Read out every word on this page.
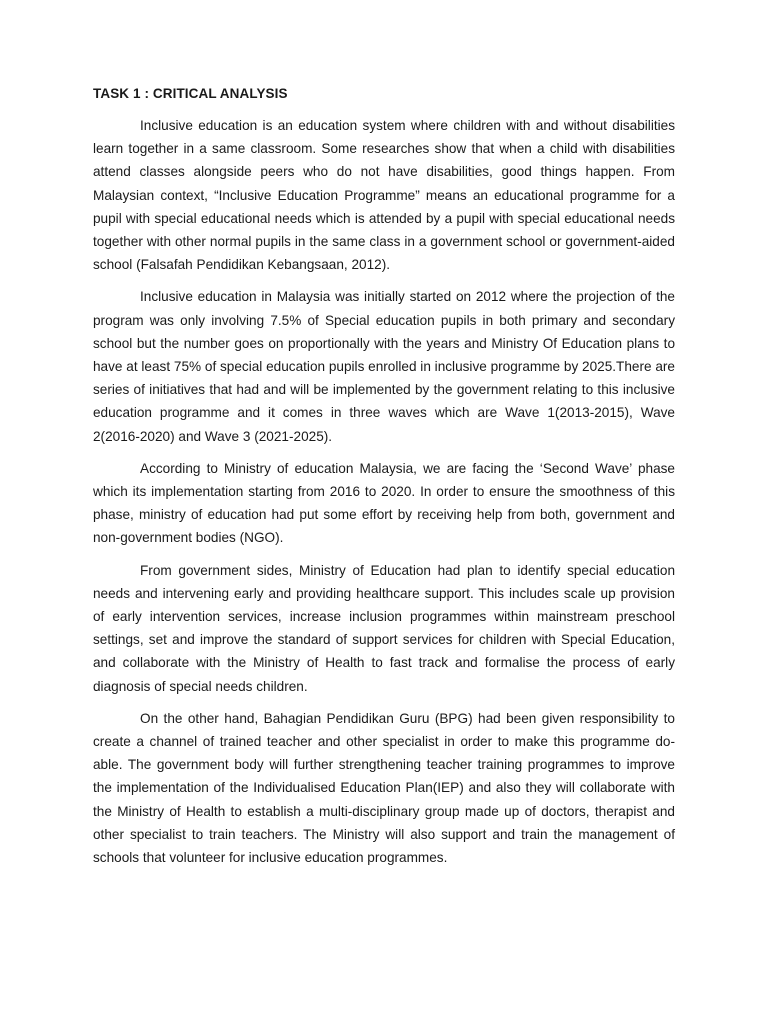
TASK 1 : CRITICAL ANALYSIS

Inclusive education is an education system where children with and without disabilities learn together in a same classroom. Some researches show that when a child with disabilities attend classes alongside peers who do not have disabilities, good things happen. From Malaysian context, “Inclusive Education Programme” means an educational programme for a pupil with special educational needs which is attended by a pupil with special educational needs together with other normal pupils in the same class in a government school or government-aided school (Falsafah Pendidikan Kebangsaan, 2012).

Inclusive education in Malaysia was initially started on 2012 where the projection of the program was only involving 7.5% of Special education pupils in both primary and secondary school but the number goes on proportionally with the years and Ministry Of Education plans to have at least 75% of special education pupils enrolled in inclusive programme by 2025.There are series of initiatives that had and will be implemented by the government relating to this inclusive education programme and it comes in three waves which are Wave 1(2013-2015), Wave 2(2016-2020) and Wave 3 (2021-2025).

According to Ministry of education Malaysia, we are facing the ‘Second Wave’ phase which its implementation starting from 2016 to 2020. In order to ensure the smoothness of this phase, ministry of education had put some effort by receiving help from both, government and non-government bodies (NGO).

From government sides, Ministry of Education had plan to identify special education needs and intervening early and providing healthcare support. This includes scale up provision of early intervention services, increase inclusion programmes within mainstream preschool settings, set and improve the standard of support services for children with Special Education, and collaborate with the Ministry of Health to fast track and formalise the process of early diagnosis of special needs children.

On the other hand, Bahagian Pendidikan Guru (BPG) had been given responsibility to create a channel of trained teacher and other specialist in order to make this programme do-able. The government body will further strengthening teacher training programmes to improve the implementation of the Individualised Education Plan(IEP) and also they will collaborate with the Ministry of Health to establish a multi-disciplinary group made up of doctors, therapist and other specialist to train teachers. The Ministry will also support and train the management of schools that volunteer for inclusive education programmes.
